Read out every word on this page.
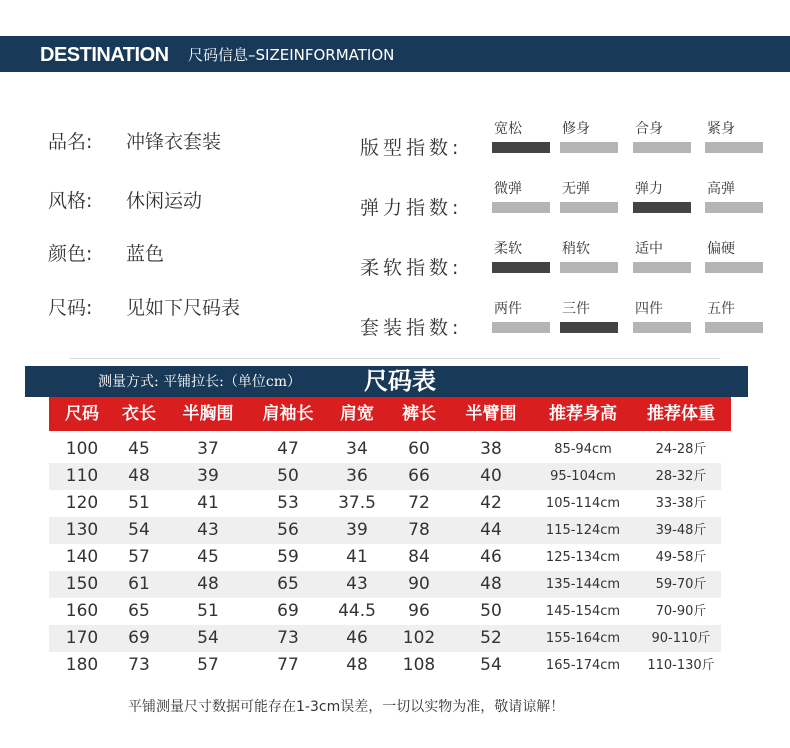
DESTINATION 尺码信息–SIZEINFORMATION
品名: 冲锋衣套装
风格: 休闲运动
颜色: 蓝色
尺码: 见如下尺码表
版型指数:
宽松	修身	合身	紧身
弹力指数:
微弹	无弹	弹力	高弹
柔软指数:
柔软	稍软	适中	偏硬
套装指数:
两件	三件	四件	五件
测量方式: 平铺拉长:（单位cm）	尺码表
尺码	衣长	半胸围	肩袖长	肩宽	裤长	半臂围	推荐身高	推荐体重
100	45	37	47	34	60	38	85-94cm	24-28斤
110	48	39	50	36	66	40	95-104cm	28-32斤
120	51	41	53	37.5	72	42	105-114cm	33-38斤
130	54	43	56	39	78	44	115-124cm	39-48斤
140	57	45	59	41	84	46	125-134cm	49-58斤
150	61	48	65	43	90	48	135-144cm	59-70斤
160	65	51	69	44.5	96	50	145-154cm	70-90斤
170	69	54	73	46	102	52	155-164cm	90-110斤
180	73	57	77	48	108	54	165-174cm	110-130斤
平铺测量尺寸数据可能存在1-3cm误差，一切以实物为准，敬请谅解！
